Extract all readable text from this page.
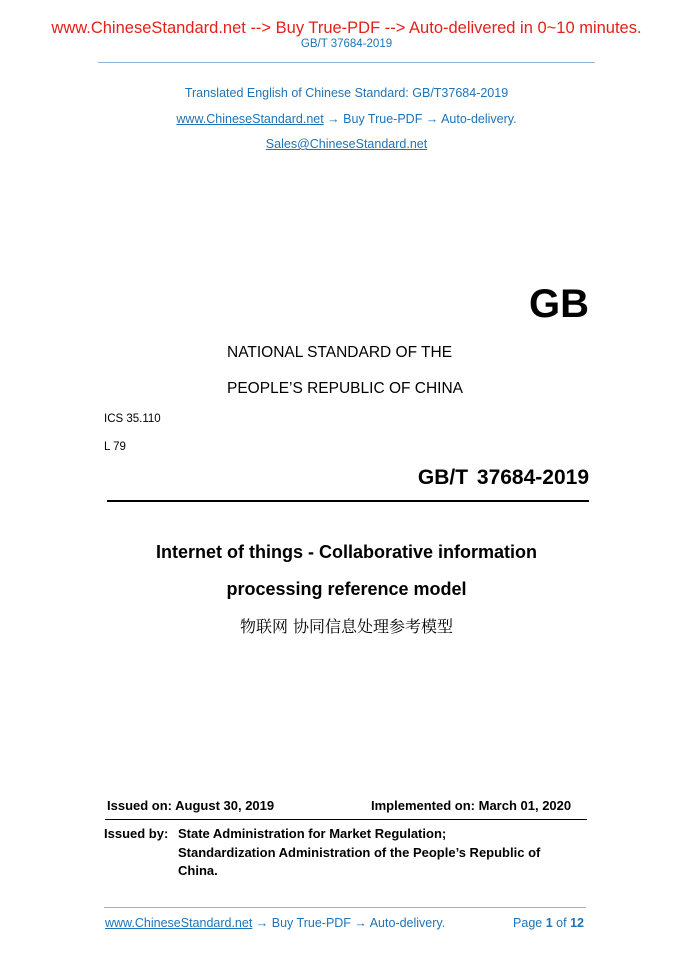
www.ChineseStandard.net --> Buy True-PDF --> Auto-delivered in 0~10 minutes.
GB/T 37684-2019
Translated English of Chinese Standard: GB/T37684-2019
www.ChineseStandard.net → Buy True-PDF → Auto-delivery.
Sales@ChineseStandard.net
GB
NATIONAL STANDARD OF THE
PEOPLE’S REPUBLIC OF CHINA
ICS 35.110
L 79
GB/T 37684-2019
Internet of things - Collaborative information
processing reference model
物联网 协同信息处理参考模型
Issued on: August 30, 2019	Implemented on: March 01, 2020
Issued by: State Administration for Market Regulation;
Standardization Administration of the People’s Republic of
China.
www.ChineseStandard.net → Buy True-PDF → Auto-delivery.	Page 1 of 12
